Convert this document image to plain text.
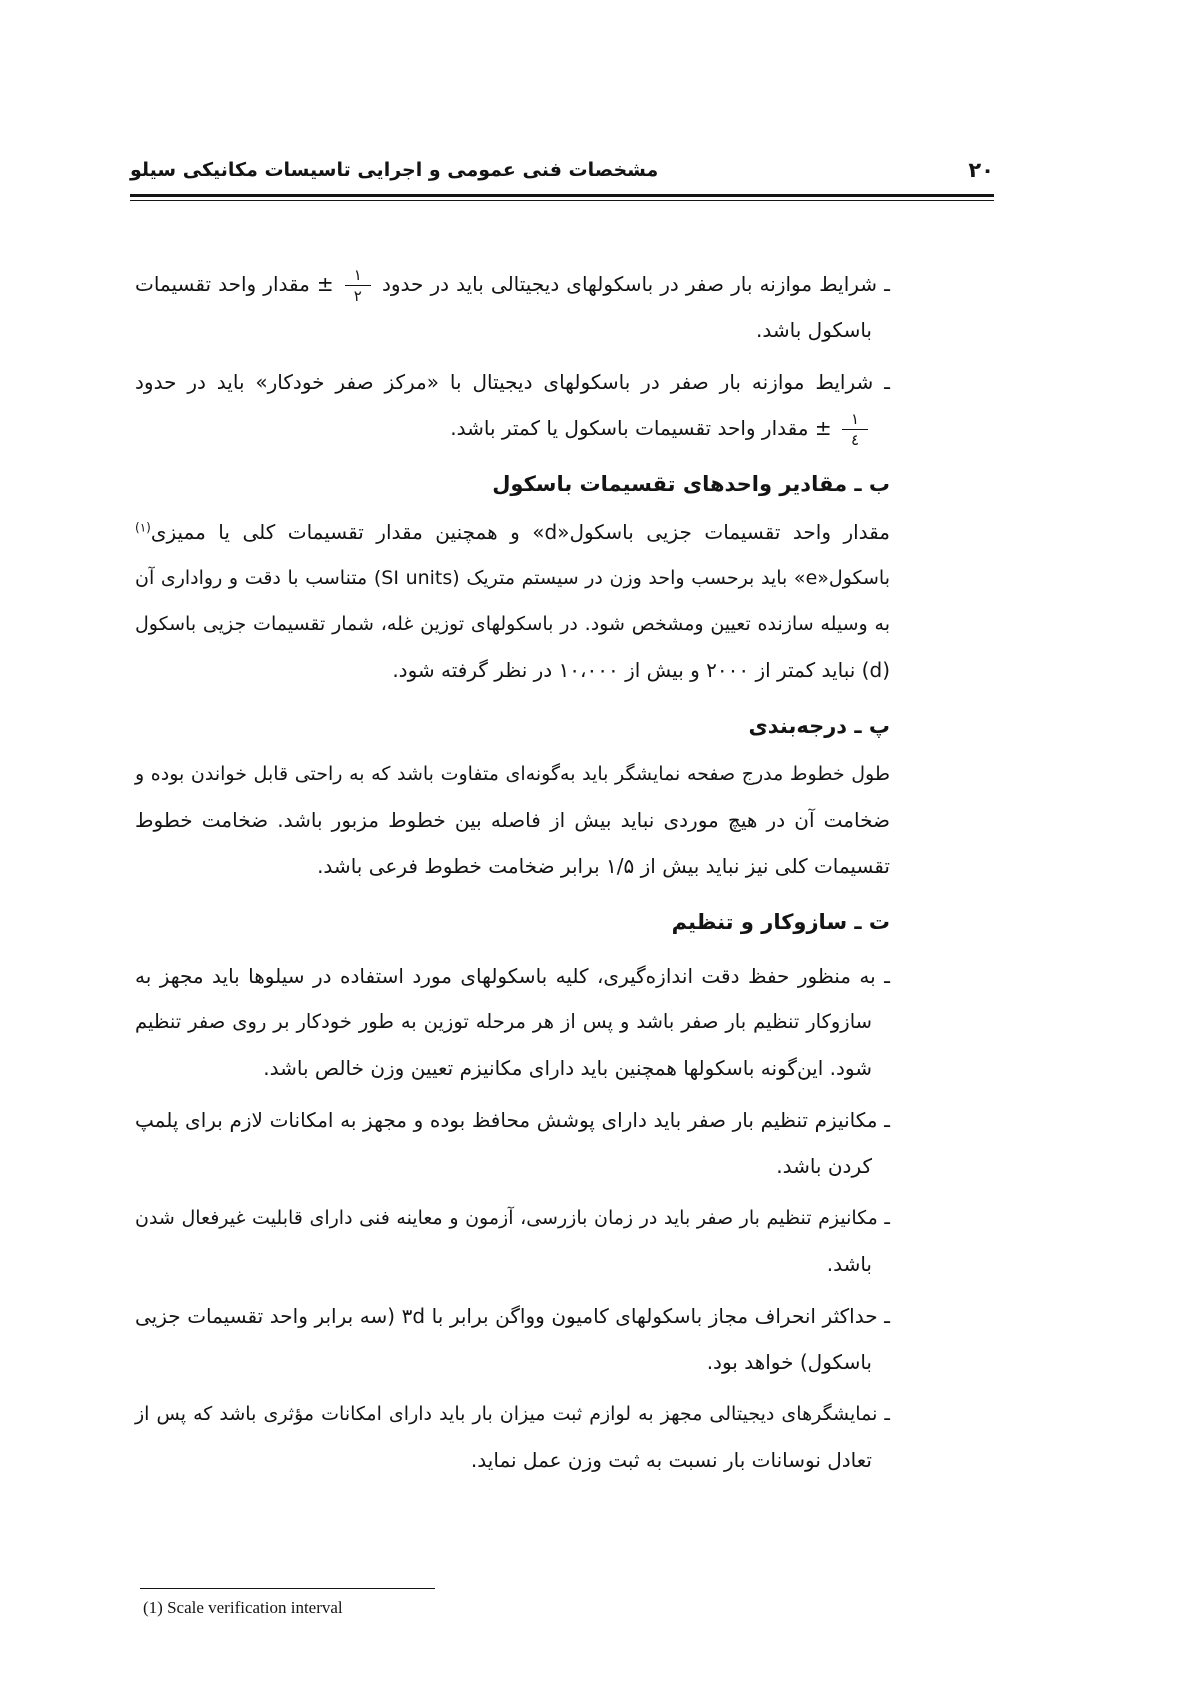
مشخصات فنی عمومی و اجرایی تاسیسات مکانیکی سیلو	۲۰
ـ شرایط موازنه بار صفر در باسکولهای دیجیتالی باید در حدود
$\frac{۱}{۲}$
± مقدار واحد تقسیمات
باسکول باشد.
ـ شرایط موازنه بار صفر در باسکولهای دیجیتال با «مرکز صفر خودکار» باید در حدود
$\frac{۱}{٤}$
± مقدار واحد تقسیمات باسکول یا کمتر باشد.
ب ـ مقادیر واحدهای تقسیمات باسکول
مقدار واحد تقسیمات جزیی باسکول«d» و همچنین مقدار تقسیمات کلی یا ممیزی$^{(۱)}$
باسکول«e» باید برحسب واحد وزن در سیستم متریک (SI units) متناسب با دقت و رواداری آن
به وسیله سازنده تعیین ومشخص شود. در باسکولهای توزین غله، شمار تقسیمات جزیی باسکول
(d) نباید کمتر از ۲۰۰۰ و بیش از ۱۰،۰۰۰ در نظر گرفته شود.
پ ـ درجه‌بندی
طول خطوط مدرج صفحه نمایشگر باید به‌گونه‌ای متفاوت باشد که به راحتی قابل خواندن بوده و
ضخامت آن در هیچ موردی نباید بیش از فاصله بین خطوط مزبور باشد. ضخامت خطوط
تقسیمات کلی نیز نباید بیش از ۱/۵ برابر ضخامت خطوط فرعی باشد.
ت ـ سازوکار و تنظیم
ـ به منظور حفظ دقت اندازه‌گیری، کلیه باسکولهای مورد استفاده در سیلوها باید مجهز به
سازوکار تنظیم بار صفر باشد و پس از هر مرحله توزین به طور خودکار بر روی صفر تنظیم
شود. این‌گونه باسکولها همچنین باید دارای مکانیزم تعیین وزن خالص باشد.
ـ مکانیزم تنظیم بار صفر باید دارای پوشش محافظ بوده و مجهز به امکانات لازم برای پلمپ
کردن باشد.
ـ مکانیزم تنظیم بار صفر باید در زمان بازرسی، آزمون و معاینه فنی دارای قابلیت غیرفعال شدن
باشد.
ـ حداکثر انحراف مجاز باسکولهای کامیون وواگن برابر با ۳d (سه برابر واحد تقسیمات جزیی
باسکول) خواهد بود.
ـ نمایشگرهای دیجیتالی مجهز به لوازم ثبت میزان بار باید دارای امکانات مؤثری باشد که پس از
تعادل نوسانات بار نسبت به ثبت وزن عمل نماید.
(1) Scale verification interval
